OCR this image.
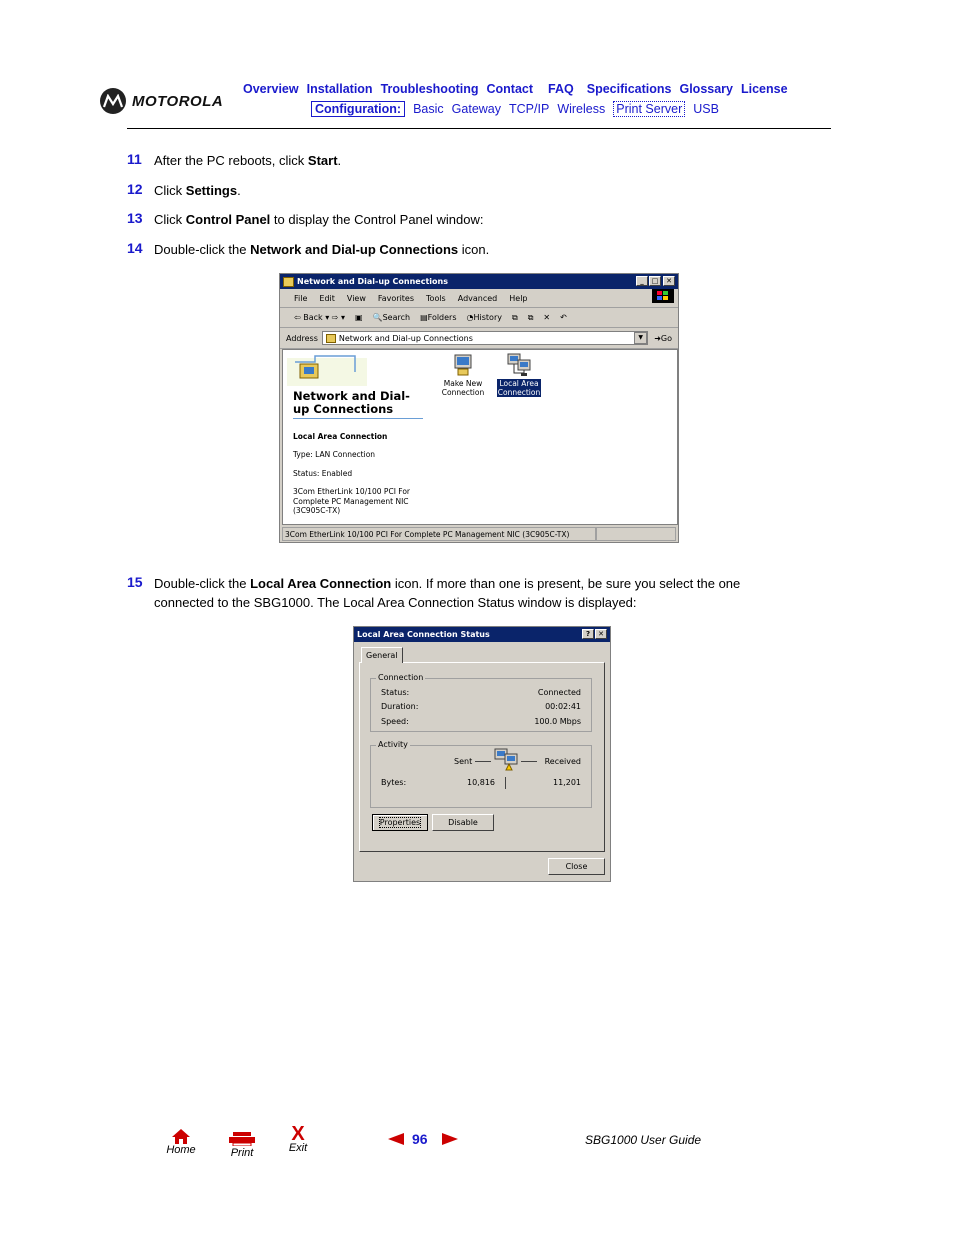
MOTOROLA
Overview Installation Troubleshooting Contact FAQ Specifications Glossary License
Configuration: Basic Gateway TCP/IP Wireless Print Server USB
11 After the PC reboots, click Start.
12 Click Settings.
13 Click Control Panel to display the Control Panel window:
14 Double-click the Network and Dial-up Connections icon.
Network and Dial-up Connections	_	□	✕
File Edit View Favorites Tools Advanced Help
⇦ Back ▾ ⇨ ▾ ▣ 🔍Search ▤Folders ◔History ⧉ ⧉ ✕ ↶
Address	Network and Dial-up Connections	▼	➜Go
Network and Dial-
up Connections
Local Area Connection
Type: LAN Connection
Status: Enabled
3Com EtherLink 10/100 PCI For
Complete PC Management NIC
(3C905C-TX)
Make New
Connection
Local Area
Connection
3Com EtherLink 10/100 PCI For Complete PC Management NIC (3C905C-TX)
15 Double-click the Local Area Connection icon. If more than one is present, be sure you select the one connected to the SBG1000. The Local Area Connection Status window is displayed:
Local Area Connection Status	?	✕
General
Connection
Status:	Connected
Duration:	00:02:41
Speed:	100.0 Mbps
Activity
Sent	Received
Bytes:	10,816	11,201
Properties	Disable
Close
Home	Print
X
Exit
96	SBG1000 User Guide
